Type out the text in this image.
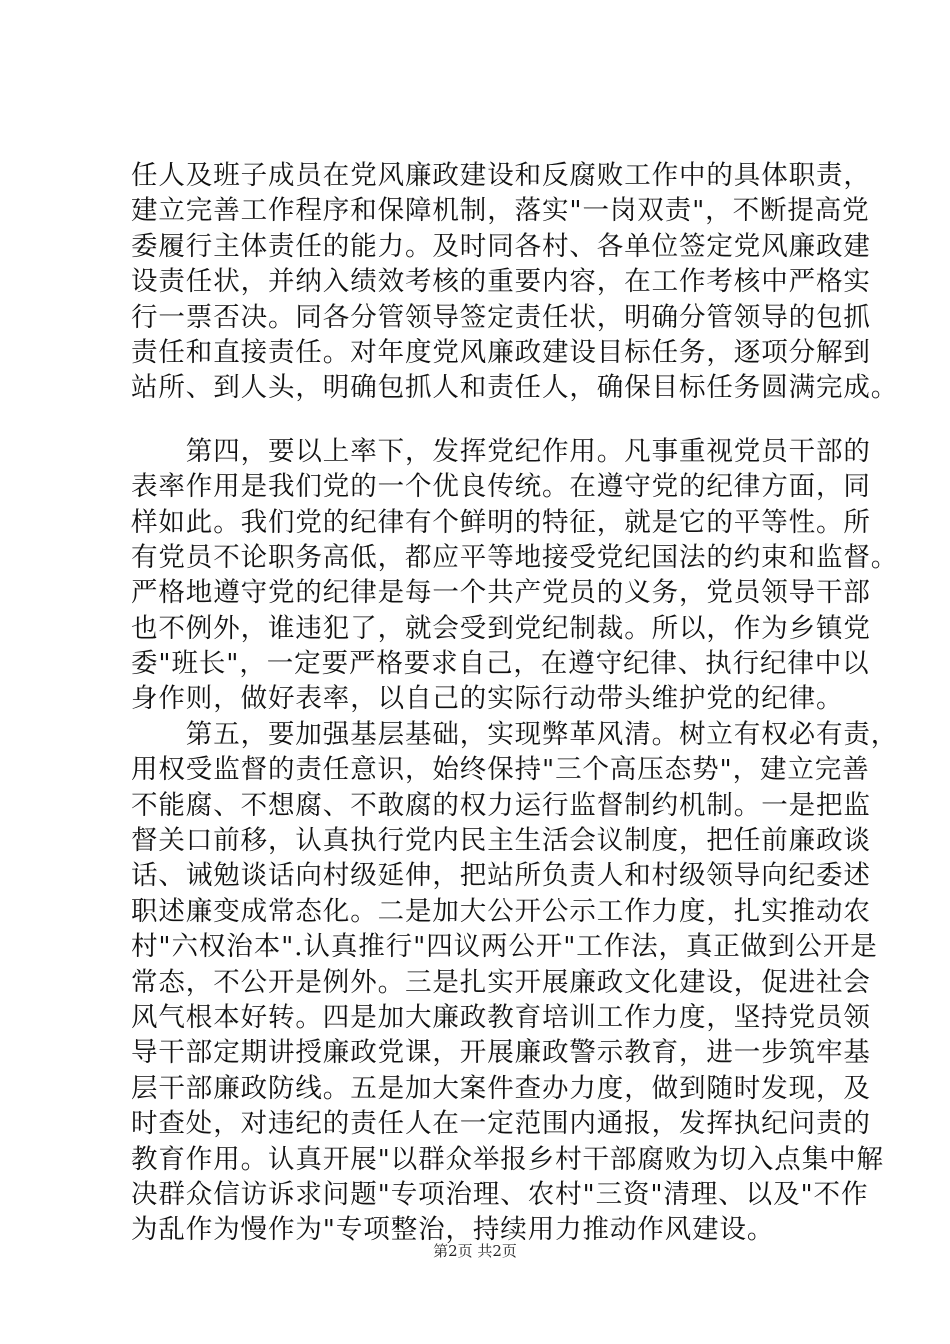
任人及班子成员在党风廉政建设和反腐败工作中的具体职责，
建立完善工作程序和保障机制，落实"一岗双责"，不断提高党
委履行主体责任的能力。及时同各村、各单位签定党风廉政建
设责任状，并纳入绩效考核的重要内容，在工作考核中严格实
行一票否决。同各分管领导签定责任状，明确分管领导的包抓
责任和直接责任。对年度党风廉政建设目标任务，逐项分解到
站所、到人头，明确包抓人和责任人，确保目标任务圆满完成。
　　第四，要以上率下，发挥党纪作用。凡事重视党员干部的
表率作用是我们党的一个优良传统。在遵守党的纪律方面，同
样如此。我们党的纪律有个鲜明的特征，就是它的平等性。所
有党员不论职务高低，都应平等地接受党纪国法的约束和监督。
严格地遵守党的纪律是每一个共产党员的义务，党员领导干部
也不例外，谁违犯了，就会受到党纪制裁。所以，作为乡镇党
委"班长"，一定要严格要求自己，在遵守纪律、执行纪律中以
身作则，做好表率，以自己的实际行动带头维护党的纪律。
　　第五，要加强基层基础，实现弊革风清。树立有权必有责，
用权受监督的责任意识，始终保持"三个高压态势"，建立完善
不能腐、不想腐、不敢腐的权力运行监督制约机制。一是把监
督关口前移，认真执行党内民主生活会议制度，把任前廉政谈
话、诫勉谈话向村级延伸，把站所负责人和村级领导向纪委述
职述廉变成常态化。二是加大公开公示工作力度，扎实推动农
村"六权治本".认真推行"四议两公开"工作法，真正做到公开是
常态，不公开是例外。三是扎实开展廉政文化建设，促进社会
风气根本好转。四是加大廉政教育培训工作力度，坚持党员领
导干部定期讲授廉政党课，开展廉政警示教育，进一步筑牢基
层干部廉政防线。五是加大案件查办力度，做到随时发现，及
时查处，对违纪的责任人在一定范围内通报，发挥执纪问责的
教育作用。认真开展"以群众举报乡村干部腐败为切入点集中解
决群众信访诉求问题"专项治理、农村"三资"清理、以及"不作
为乱作为慢作为"专项整治，持续用力推动作风建设。
第2页 共2页
